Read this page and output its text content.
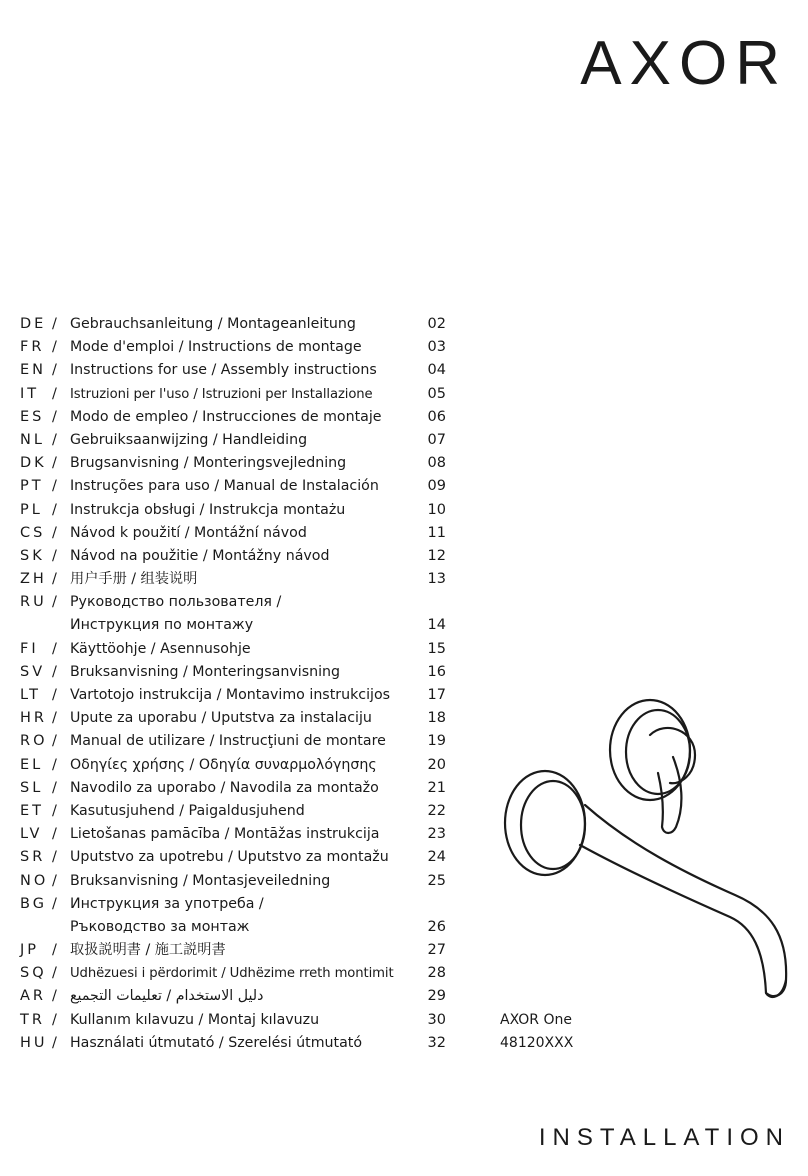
AXOR
DE / Gebrauchsanleitung / Montageanleitung	02
FR / Mode d'emploi / Instructions de montage	03
EN / Instructions for use / Assembly instructions	04
IT / Istruzioni per l'uso / Istruzioni per Installazione	05
ES / Modo de empleo / Instrucciones de montaje	06
NL / Gebruiksaanwijzing / Handleiding	07
DK / Brugsanvisning / Monteringsvejledning	08
PT / Instruções para uso / Manual de Instalación	09
PL / Instrukcja obsługi / Instrukcja montażu	10
CS / Návod k použití / Montážní návod	11
SK / Návod na použitie / Montážny návod	12
ZH / 用户手册 / 组装说明	13
RU / Руководство пользователя /
Инструкция по монтажу	14
FI / Käyttöohje / Asennusohje	15
SV / Bruksanvisning / Monteringsanvisning	16
LT / Vartotojo instrukcija / Montavimo instrukcijos	17
HR / Upute za uporabu / Uputstva za instalaciju	18
RO / Manual de utilizare / Instrucţiuni de montare	19
EL / Οδηγίες χρήσης / Οδηγία συναρμολόγησης	20
SL / Navodilo za uporabo / Navodila za montažo	21
ET / Kasutusjuhend / Paigaldusjuhend	22
LV / Lietošanas pamācība / Montāžas instrukcija	23
SR / Uputstvo za upotrebu / Uputstvo za montažu	24
NO / Bruksanvisning / Montasjeveiledning	25
BG / Инструкция за употреба /
Ръководство за монтаж	26
JP / 取扱説明書 / 施工説明書	27
SQ / Udhëzuesi i përdorimit / Udhëzime rreth montimit 28
AR / دليل الاستخدام / تعليمات التجميع	29
TR / Kullanım kılavuzu / Montaj kılavuzu	30
HU / Használati útmutató / Szerelési útmutató	32
AXOR One
48120XXX
INSTALLATION
